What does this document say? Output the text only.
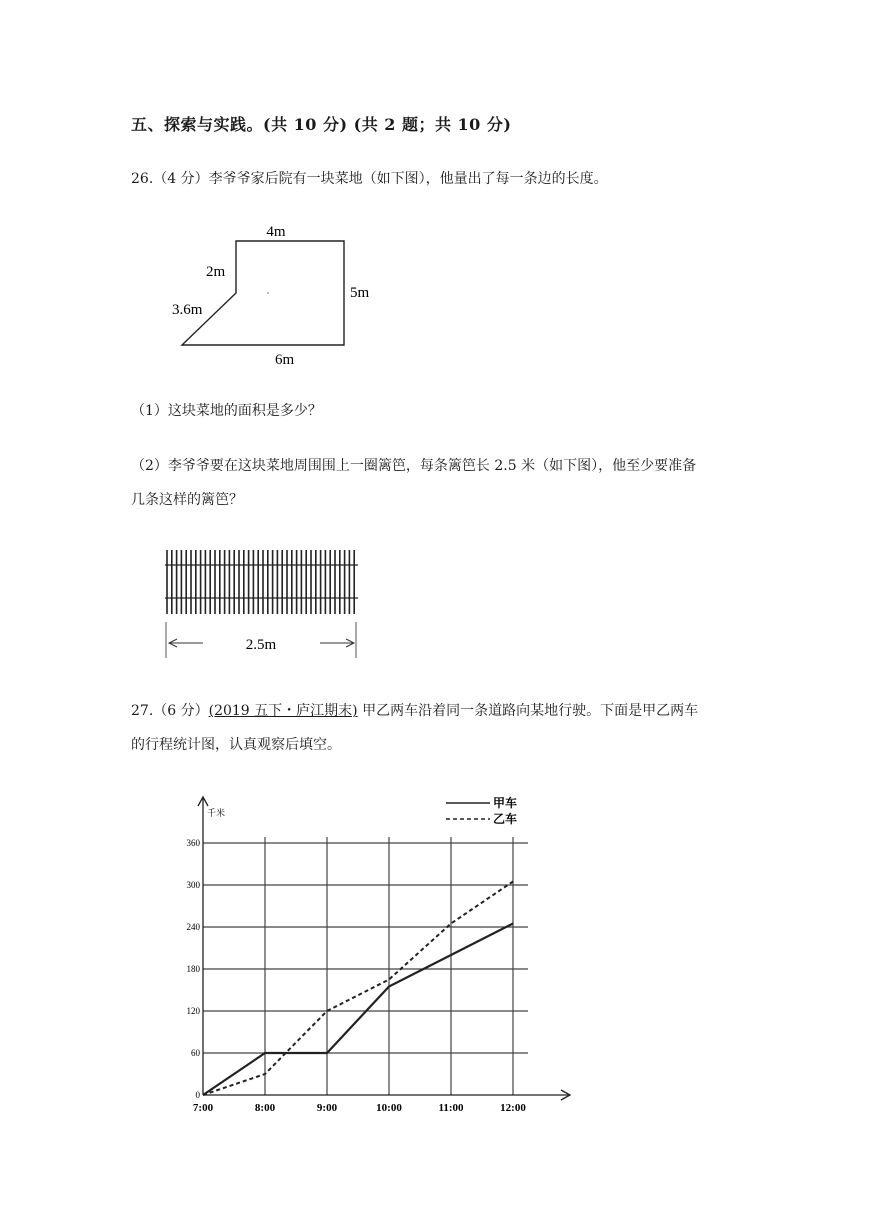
五、探索与实践。(共 10 分) (共 2 题；共 10 分)
26.（4 分）李爷爷家后院有一块菜地（如下图），他量出了每一条边的长度。
4m
2m
5m
3.6m
6m
（1）这块菜地的面积是多少？
（2）李爷爷要在这块菜地周围围上一圈篱笆，每条篱笆长 2.5 米（如下图），他至少要准备
几条这样的篱笆？
2.5m
27.（6 分）(2019 五下・庐江期末) 甲乙两车沿着同一条道路向某地行驶。下面是甲乙两车
的行程统计图，认真观察后填空。
千米
0
60
120
180
240
300
360
7:00	8:00	9:00	10:00	11:00	12:00
甲车
乙车
